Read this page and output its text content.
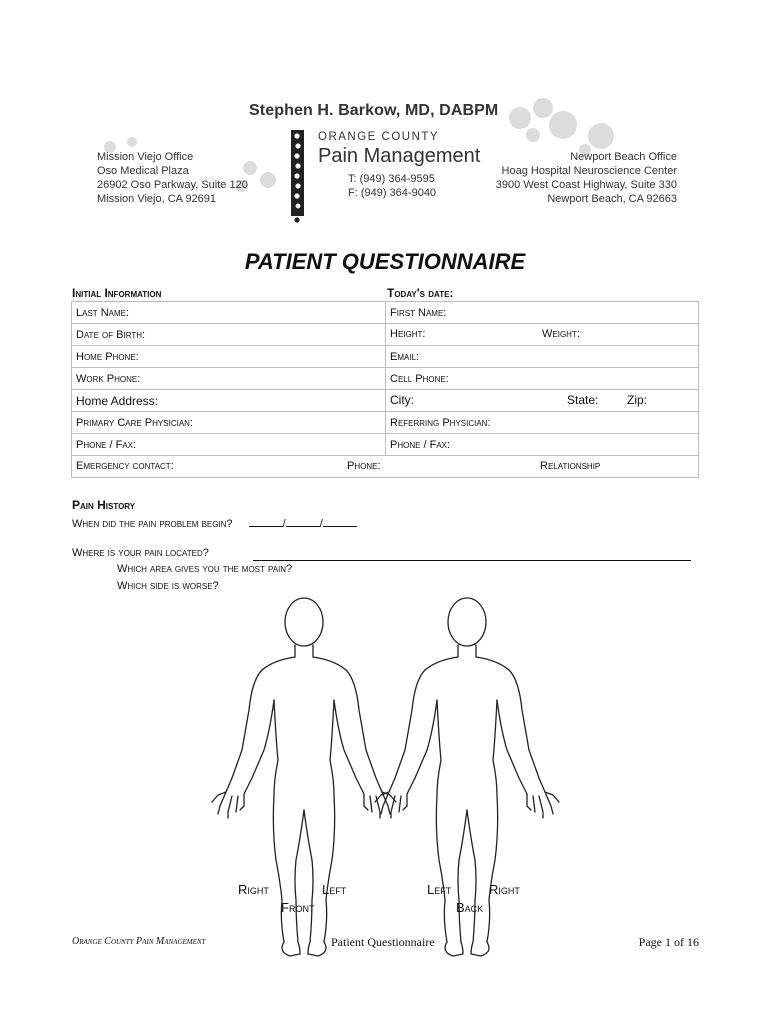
Stephen H. Barkow, MD, DABPM
ORANGE COUNTY
Pain Management
T: (949) 364-9595
F: (949) 364-9040
Mission Viejo Office
Oso Medical Plaza
26902 Oso Parkway, Suite 120
Mission Viejo, CA 92691
Newport Beach Office
Hoag Hospital Neuroscience Center
3900 West Coast Highway, Suite 330
Newport Beach, CA 92663
PATIENT QUESTIONNAIRE
Initial Information	Today's date:
Last Name:	First Name:
Date of Birth:	Height: Weight:

Home Phone:	Email:
Work Phone:	Cell Phone:
Home Address:	City: State: Zip:

Primary Care Physician:	Referring Physician:
Phone / Fax:	Phone / Fax:

Emergency contact: Phone: Relationship	
Pain History
When did the pain problem begin?	/	/
Where is your pain located?
Which area gives you the most pain?
Which side is worse?
Right	Left
Front
Left	Right
Back
Orange County Pain Management	Patient Questionnaire	Page 1 of 16
